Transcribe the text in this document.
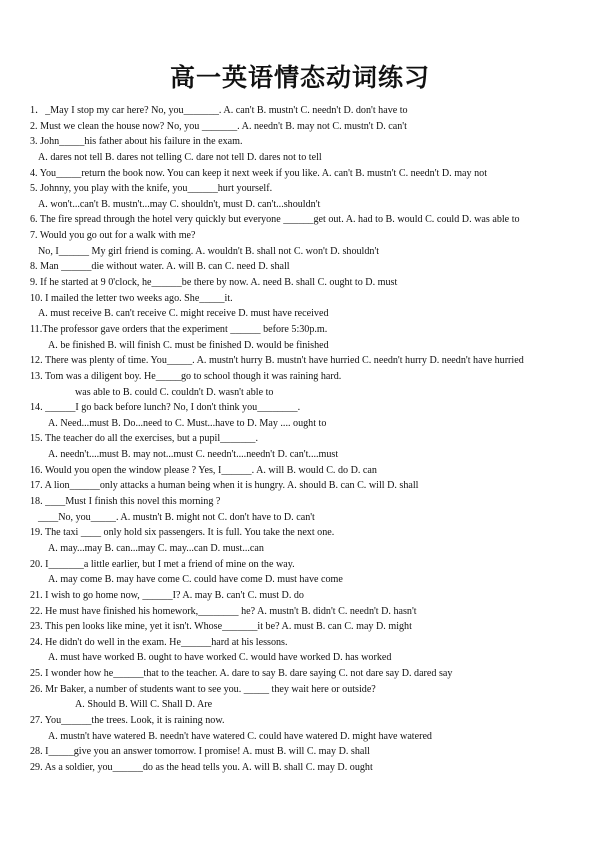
高一英语情态动词练习
1．_May I stop my car here? No, you_______. A. can't B. mustn't C. needn't D. don't have to
2. Must we clean the house now? No, you _______. A. needn't B. may not C. mustn't D. can't
3. John_____his father about his failure in the exam.
A. dares not tell B. dares not telling C. dare not tell D. dares not to tell
4. You_____return the book now. You can keep it next week if you like. A. can't B. mustn't C. needn't D. may not
5. Johnny, you play with the knife, you______hurt yourself.
A. won't...can't B. mustn't...may C. shouldn't, must D. can't...shouldn't
6. The fire spread through the hotel very quickly but everyone ______get out. A. had to B. would C. could D. was able to
7. Would you go out for a walk with me?
No, I______ My girl friend is coming. A. wouldn't B. shall not C. won't D. shouldn't
8. Man ______die without water. A. will B. can C. need D. shall
9. If he started at 9 0'clock, he______be there by now. A. need B. shall C. ought to D. must
10. I mailed the letter two weeks ago. She_____it.
A. must receive B. can't receive C. might receive D. must have received
11.The professor gave orders that the experiment ______ before 5:30p.m.
A. be finished B. will finish C. must be finished D. would be finished
12. There was plenty of time. You_____. A. mustn't hurry B. mustn't have hurried C. needn't hurry D. needn't have hurried
13. Tom was a diligent boy. He_____go to school though it was raining hard.
was able to B. could C. couldn't D. wasn't able to
14. ______I go back before lunch? No, I don't think you________.
A. Need...must B. Do...need to C. Must...have to D. May .... ought to
15. The teacher do all the exercises, but a pupil_______.
A. needn't....must B. may not...must C. needn't....needn't D. can't....must
16. Would you open the window please ? Yes, I______. A. will B. would C. do D. can
17. A lion______only attacks a human being when it is hungry. A. should B. can C. will D. shall
18. ____Must I finish this novel this morning ?
____No, you_____. A. mustn't B. might not C. don't have to D. can't
19. The taxi ____ only hold six passengers. It is full. You take the next one.
A. may...may B. can...may C. may...can D. must...can
20. I_______a little earlier, but I met a friend of mine on the way.
A. may come B. may have come C. could have come D. must have come
21. I wish to go home now, ______I? A. may B. can't C. must D. do
22. He must have finished his homework,________ he? A. mustn't B. didn't C. needn't D. hasn't
23. This pen looks like mine, yet it isn't. Whose_______it be? A. must B. can C. may D. might
24. He didn't do well in the exam. He______hard at his lessons.
A. must have worked B. ought to have worked C. would have worked D. has worked
25. I wonder how he______that to the teacher. A. dare to say B. dare saying C. not dare say D. dared say
26. Mr Baker, a number of students want to see you. _____ they wait here or outside?
A. Should B. Will C. Shall D. Are
27. You______the trees. Look, it is raining now.
A. mustn't have watered B. needn't have watered C. could have watered D. might have watered
28. I_____give you an answer tomorrow. I promise! A. must B. will C. may D. shall
29. As a soldier, you______do as the head tells you. A. will B. shall C. may D. ought
